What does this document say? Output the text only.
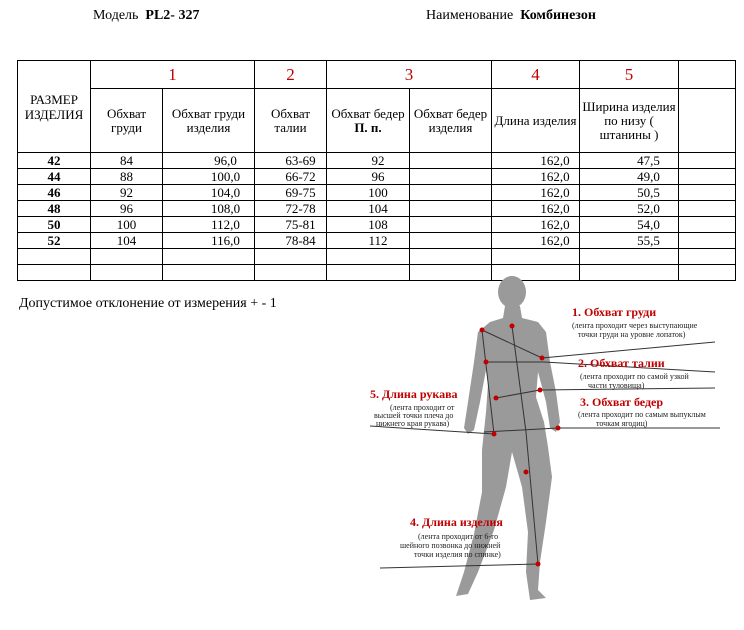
Модель PL2- 327	Наименование Комбинезон
РАЗМЕР ИЗДЕЛИЯ	1		2	3		4	5	
	Обхват груди	Обхват груди изделия	Обхват талии	Обхват бедер П. п.	Обхват бедер изделия	Длина изделия	Ширина изделия по низу ( штанины )	
42	84	96,0	63-69	92		162,0	47,5	
44	88	100,0	66-72	96		162,0	49,0	
46	92	104,0	69-75	100		162,0	50,5	
48	96	108,0	72-78	104		162,0	52,0	
50	100	112,0	75-81	108		162,0	54,0	
52	104	116,0	78-84	112		162,0	55,5	

Допустимое отклонение от измерения + - 1
1. Обхват груди
(лента проходит через выступающие
точки груди на уровне лопаток)
2. Обхват талии
(лента проходит по самой узкой
части туловища)
3. Обхват бедер
(лента проходит по самым выпуклым
точкам ягодиц)
5. Длина рукава
(лента проходит от
высшей точки плеча до
нижнего края рукава)
4. Длина изделия
(лента проходит от 6-го
шейного позвонка до нижней
точки изделия по спинке)
